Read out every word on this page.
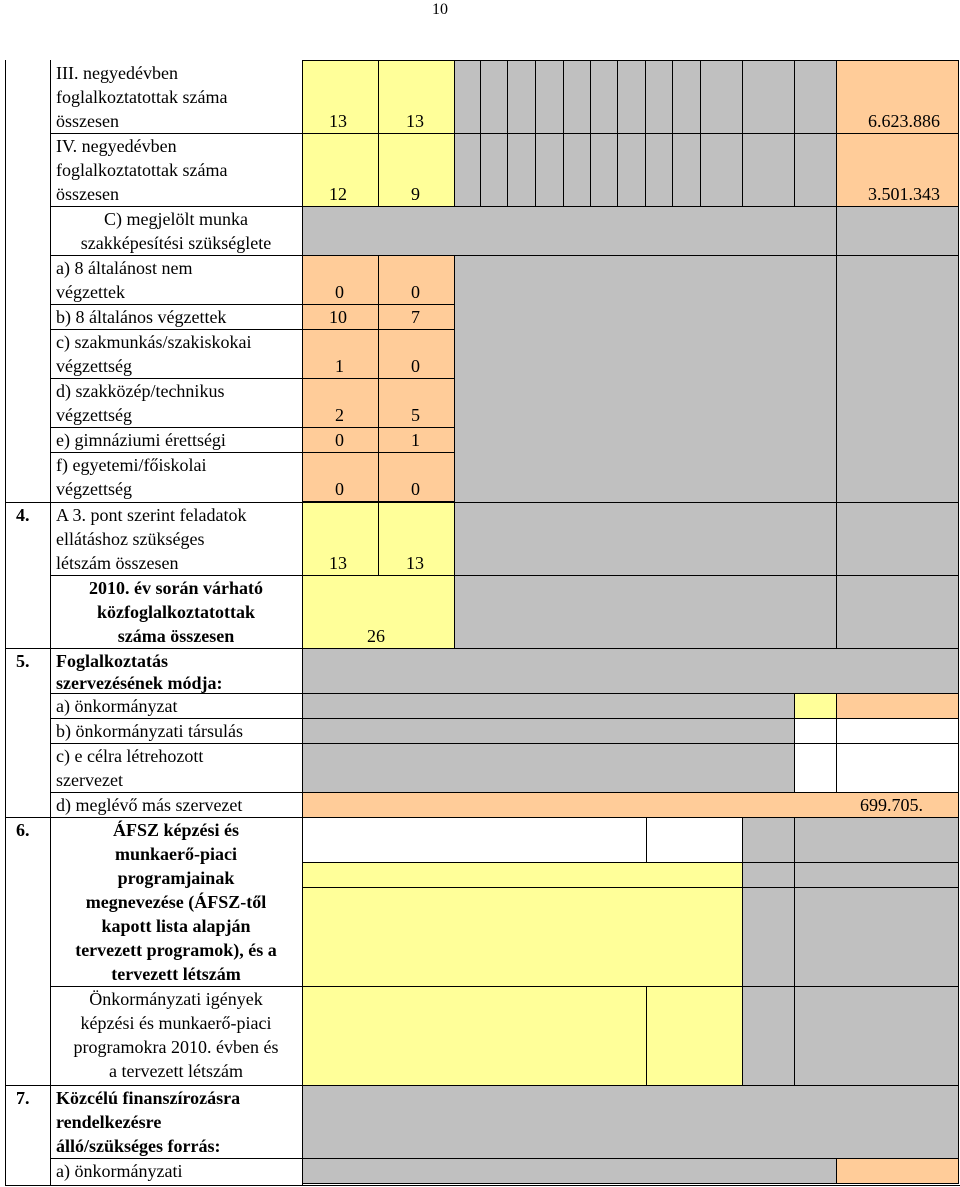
10
III. negyedévben
foglalkoztatottak száma
összesen	13	13	6.623.886
IV. negyedévben
foglalkoztatottak száma
összesen	12	9	3.501.343
C) megjelölt munka
szakképesítési szükséglete
a) 8 általánost nem
végzettek	0	0
b) 8 általános végzettek	10	7
c) szakmunkás/szakiskokai
végzettség	1	0
d) szakközép/technikus
végzettség	2	5
e) gimnáziumi érettségi	0	1
f) egyetemi/főiskolai
végzettség	0	0
4. A 3. pont szerint feladatok
ellátáshoz szükséges
létszám összesen	13	13
2010. év során várható
közfoglalkoztatottak
száma összesen	26
5. Foglalkoztatás
szervezésének módja:
a) önkormányzat
b) önkormányzati társulás
c) e célra létrehozott
szervezet
d) meglévő más szervezet	699.705.
6.	ÁFSZ képzési és
munkaerő-piaci
programjainak
megnevezése (ÁFSZ-től
kapott lista alapján
tervezett programok), és a
tervezett létszám
Önkormányzati igények
képzési és munkaerő-piaci
programokra 2010. évben és
a tervezett létszám
7. Közcélú finanszírozásra
rendelkezésre
álló/szükséges forrás:
a) önkormányzati
